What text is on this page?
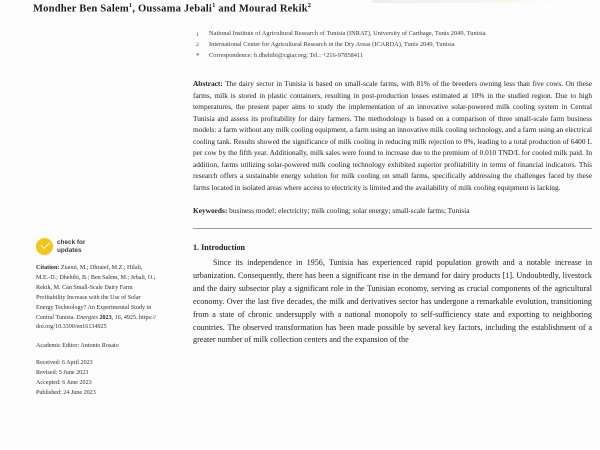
Mondher Ben Salem$^1$, Oussama Jebali$^1$ and Mourad Rekik$^2$
1	National Institute of Agricultural Research of Tunisia (INRAT), University of Carthage, Tunis 2049, Tunisia
2	International Center for Agricultural Research in the Dry Areas (ICARDA), Tunis 2049, Tunisia
*	Correspondence: b.dhehibi@cgiar.org; Tel.: +216-97858411
check for
updates
Citation: Ziaoui, M.; Dhraief, M.Z.; Hilali, M.E.-D.; Dhehibi, B.; Ben Salem, M.; Jebali, O.; Rekik, M. Can Small-Scale Dairy Farm Profitability Increase with the Use of Solar Energy Technology? An Experimental Study in Central Tunisia. Energies 2023, 16, 4925. https://doi.org/10.3390/en16134925
Academic Editor: Antonio Rosato
Received: 6 April 2023
Revised: 5 June 2023
Accepted: 6 June 2023
Published: 24 June 2023
Abstract: The dairy sector in Tunisia is based on small-scale farms, with 81% of the breeders owning less than five cows. On these farms, milk is stored in plastic containers, resulting in post-production losses estimated at 10% in the studied region. Due to high temperatures, the present paper aims to study the implementation of an innovative solar-powered milk cooling system in Central Tunisia and assess its profitability for dairy farmers. The methodology is based on a comparison of three small-scale farm business models: a farm without any milk cooling equipment, a farm using an innovative milk cooling technology, and a farm using an electrical cooling tank. Results showed the significance of milk cooling in reducing milk rejection to 0%, leading to a total production of 6400 L per cow by the fifth year. Additionally, milk sales were found to increase due to the premium of 0.010 TND/L for cooled milk paid. In addition, farms utilizing solar-powered milk cooling technology exhibited superior profitability in terms of financial indicators. This research offers a sustainable energy solution for milk cooling on small farms, specifically addressing the challenges faced by these farms located in isolated areas where access to electricity is limited and the availability of milk cooling equipment is lacking.
Keywords: business model; electricity; milk cooling; solar energy; small-scale farms; Tunisia
1. Introduction
Since its independence in 1956, Tunisia has experienced rapid population growth and a notable increase in urbanization. Consequently, there has been a significant rise in the demand for dairy products [1]. Undoubtedly, livestock and the dairy subsector play a significant role in the Tunisian economy, serving as crucial components of the agricultural economy. Over the last five decades, the milk and derivatives sector has undergone a remarkable evolution, transitioning from a state of chronic undersupply with a national monopoly to self-sufficiency state and exporting to neighboring countries. The observed transformation has been made possible by several key factors, including the establishment of a greater number of milk collection centers and the expansion of the
